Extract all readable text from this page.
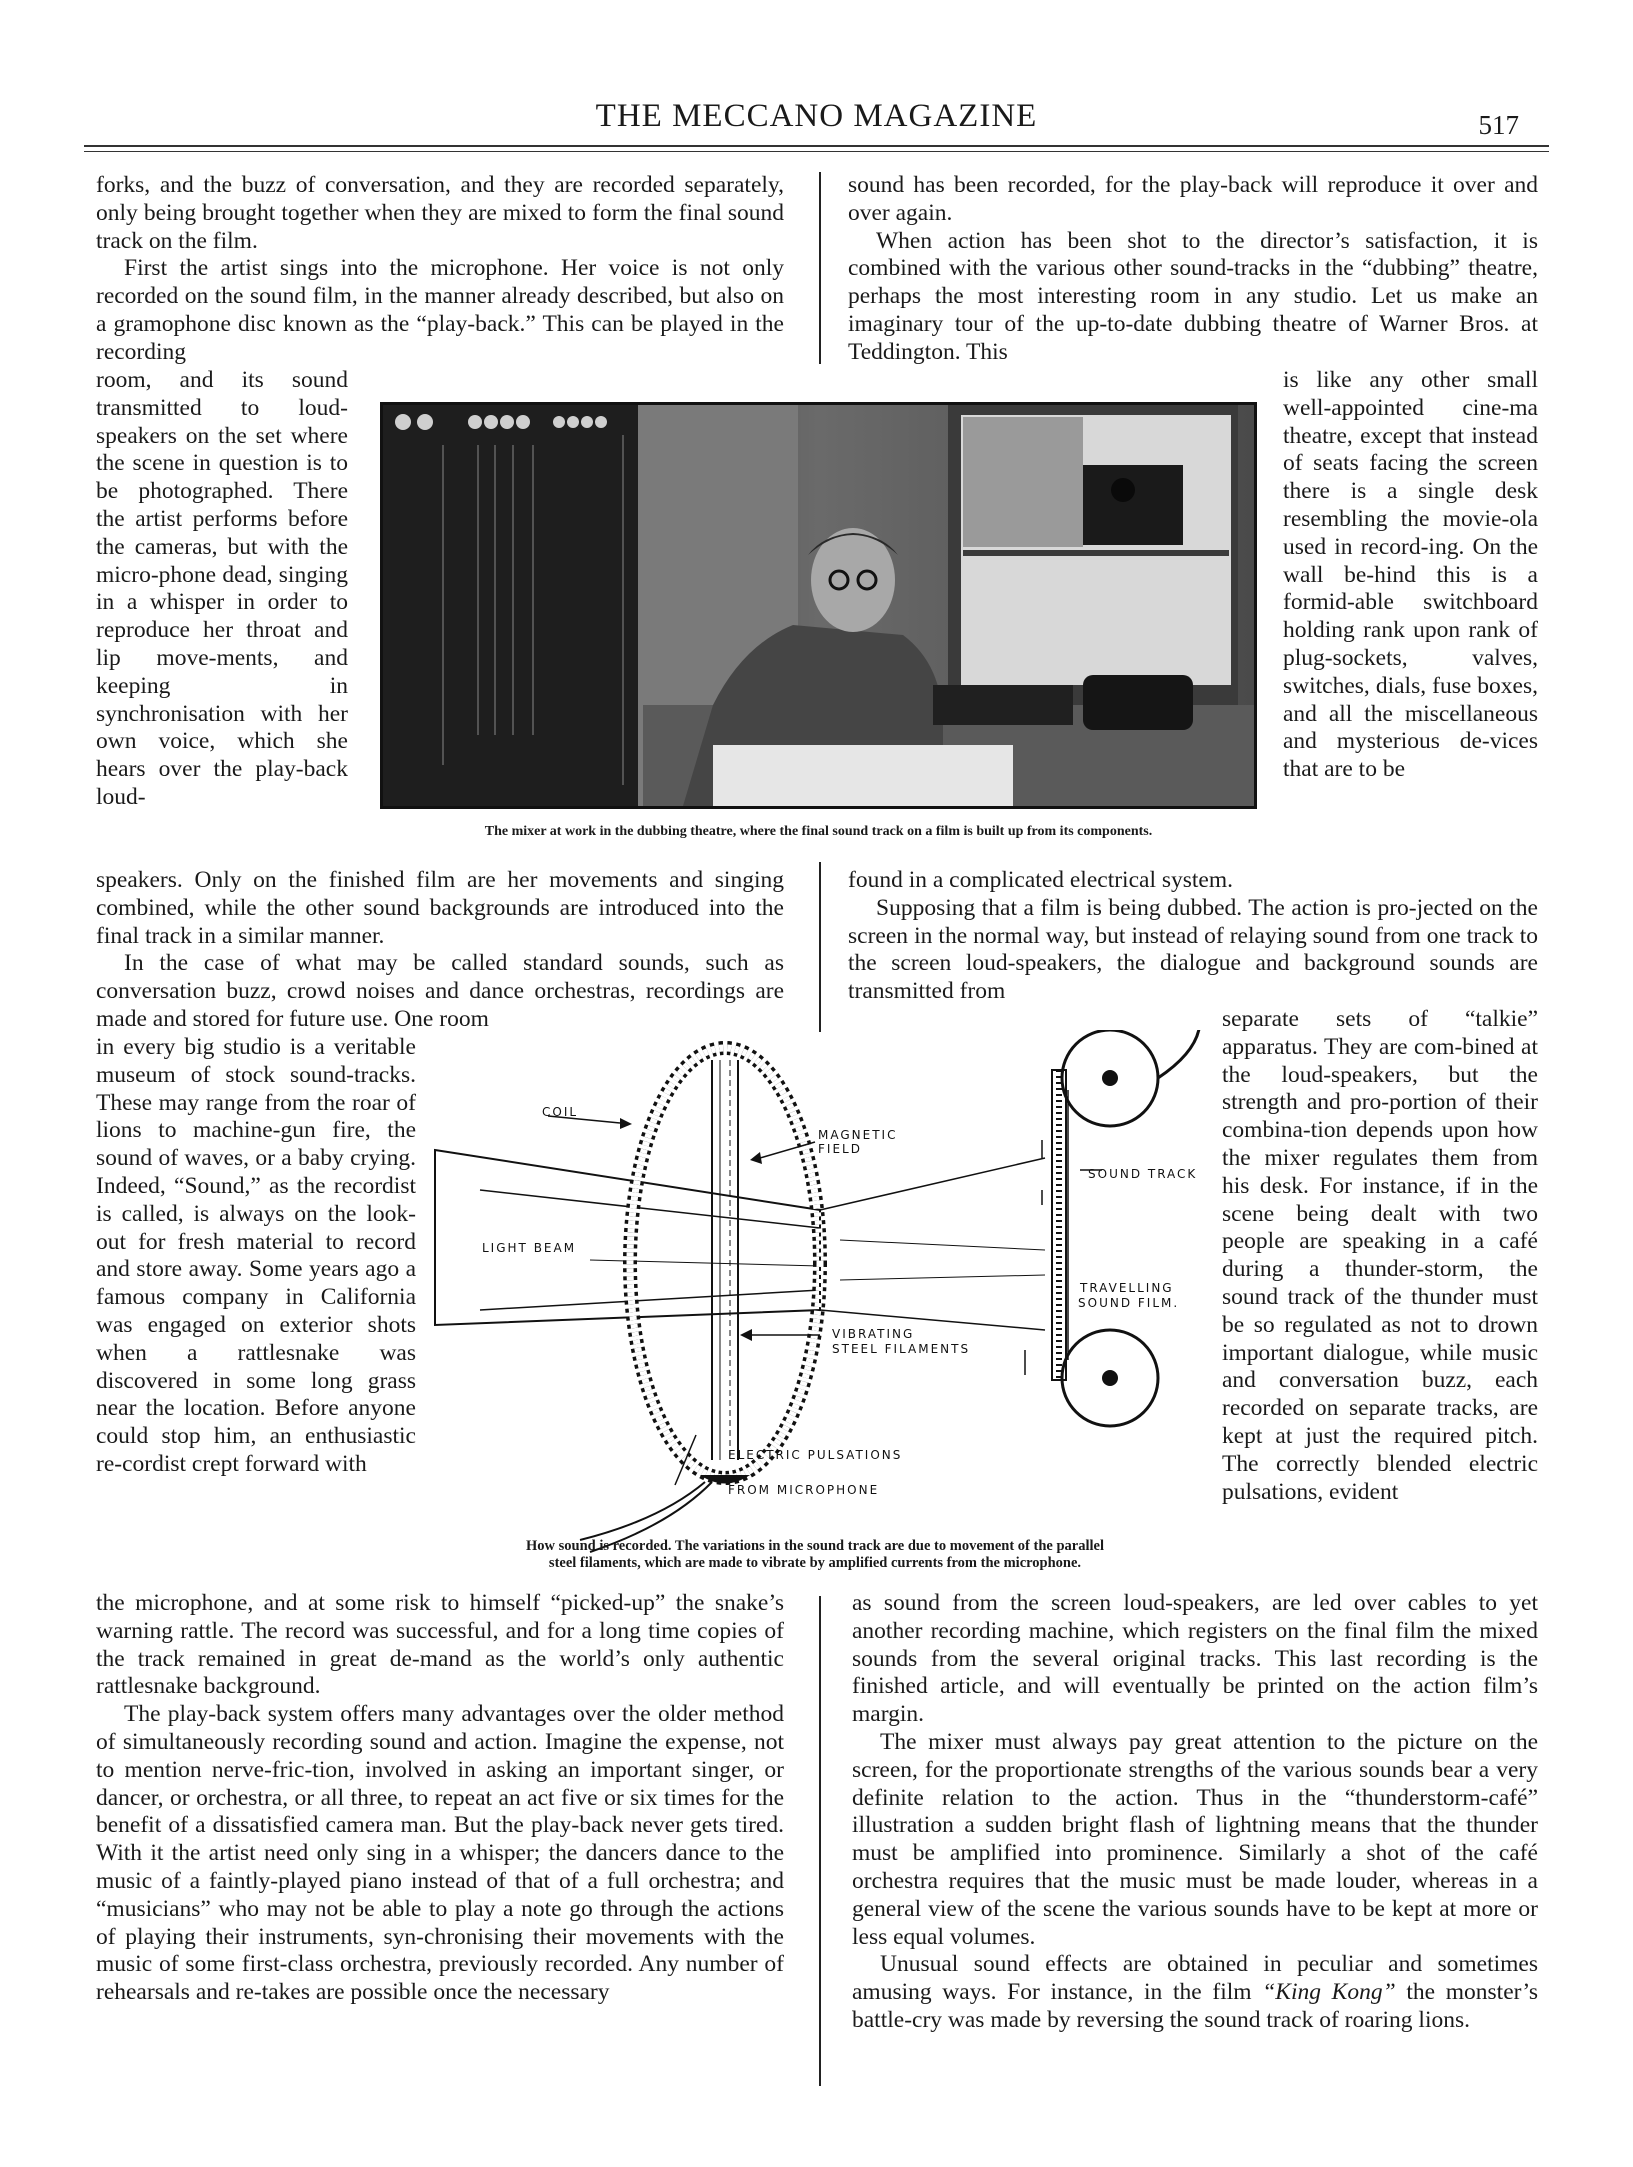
THE MECCANO MAGAZINE	517

forks, and the buzz of conversation, and they are recorded separately, only being brought together when they are mixed to form the final sound track on the film.

First the artist sings into the microphone. Her voice is not only recorded on the sound film, in the manner already described, but also on a gramophone disc known as the “play-back.” This can be played in the recording

room, and its sound transmitted to loud-speakers on the set where the scene in question is to be photographed. There the artist performs before the cameras, but with the micro-phone dead, singing in a whisper in order to reproduce her throat and lip move-ments, and keeping in synchronisation with her own voice, which she hears over the play-back loud-

speakers. Only on the finished film are her movements and singing combined, while the other sound backgrounds are introduced into the final track in a similar manner.

In the case of what may be called standard sounds, such as conversation buzz, crowd noises and dance orchestras, recordings are made and stored for future use. One room

in every big studio is a veritable museum of stock sound-tracks. These may range from the roar of lions to machine-gun fire, the sound of waves, or a baby crying. Indeed, “Sound,” as the recordist is called, is always on the look-out for fresh material to record and store away. Some years ago a famous company in California was engaged on exterior shots when a rattlesnake was discovered in some long grass near the location. Before anyone could stop him, an enthusiastic re-cordist crept forward with

the microphone, and at some risk to himself “picked-up” the snake’s warning rattle. The record was successful, and for a long time copies of the track remained in great de-mand as the world’s only authentic rattlesnake background.

The play-back system offers many advantages over the older method of simultaneously recording sound and action. Imagine the expense, not to mention nerve-fric-tion, involved in asking an important singer, or dancer, or orchestra, or all three, to repeat an act five or six times for the benefit of a dissatisfied camera man. But the play-back never gets tired. With it the artist need only sing in a whisper; the dancers dance to the music of a faintly-played piano instead of that of a full orchestra; and “musicians” who may not be able to play a note go through the actions of playing their instruments, syn-chronising their movements with the music of some first-class orchestra, previously recorded. Any number of rehearsals and re-takes are possible once the necessary

sound has been recorded, for the play-back will reproduce it over and over again.

When action has been shot to the director’s satisfaction, it is combined with the various other sound-tracks in the “dubbing” theatre, perhaps the most interesting room in any studio. Let us make an imaginary tour of the up-to-date dubbing theatre of Warner Bros. at Teddington. This

is like any other small well-appointed cine-ma theatre, except that instead of seats facing the screen there is a single desk resembling the movie-ola used in record-ing. On the wall be-hind this is a formid-able switchboard holding rank upon rank of plug-sockets, valves, switches, dials, fuse boxes, and all the miscellaneous and mysterious de-vices that are to be

found in a complicated electrical system.

Supposing that a film is being dubbed. The action is pro-jected on the screen in the normal way, but instead of relaying sound from one track to the screen loud-speakers, the dialogue and background sounds are transmitted from

separate sets of “talkie” apparatus. They are com-bined at the loud-speakers, but the strength and pro-portion of their combina-tion depends upon how the mixer regulates them from his desk. For instance, if in the scene being dealt with two people are speaking in a café during a thunder-storm, the sound track of the thunder must be so regulated as not to drown important dialogue, while music and conversation buzz, each recorded on separate tracks, are kept at just the required pitch. The correctly blended electric pulsations, evident

as sound from the screen loud-speakers, are led over cables to yet another recording machine, which registers on the final film the mixed sounds from the several original tracks. This last recording is the finished article, and will eventually be printed on the action film’s margin.

The mixer must always pay great attention to the picture on the screen, for the proportionate strengths of the various sounds bear a very definite relation to the action. Thus in the “thunderstorm-café” illustration a sudden bright flash of lightning means that the thunder must be amplified into prominence. Similarly a shot of the café orchestra requires that the music must be made louder, whereas in a general view of the scene the various sounds have to be kept at more or less equal volumes.

Unusual sound effects are obtained in peculiar and sometimes amusing ways. For instance, in the film “King Kong” the monster’s battle-cry was made by reversing the sound track of roaring lions.

The mixer at work in the dubbing theatre, where the final sound track on a film is built up from its components.
COIL
MAGNETIC
FIELD
LIGHT BEAM
SOUND TRACK
TRAVELLING
SOUND FILM.
VIBRATING
STEEL FILAMENTS
ELECTRIC PULSATIONS
FROM MICROPHONE
How sound is recorded. The variations in the sound track are due to movement of the parallel
steel filaments, which are made to vibrate by amplified currents from the microphone.
